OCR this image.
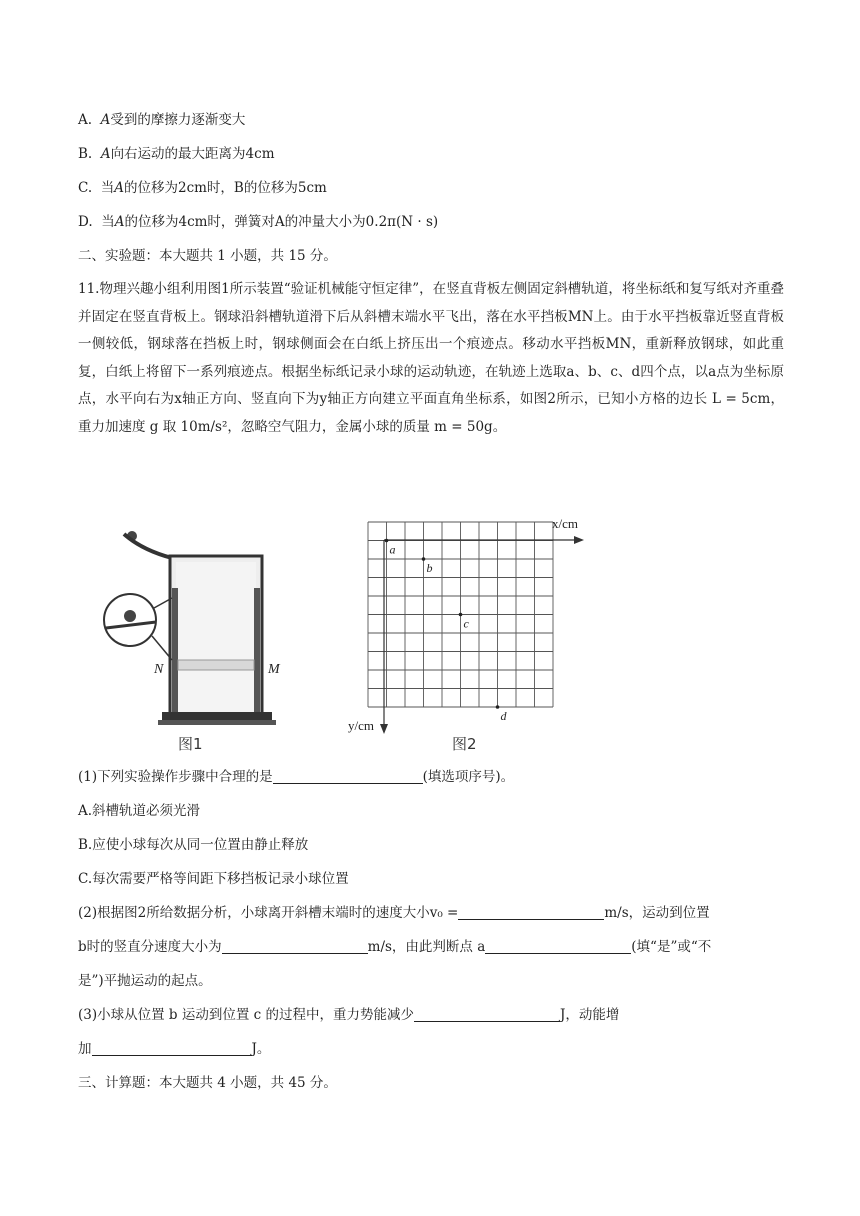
A. A受到的摩擦力逐渐变大
B. A向右运动的最大距离为4cm
C. 当A的位移为2cm时，B的位移为5cm
D. 当A的位移为4cm时，弹簧对A的冲量大小为0.2π(N · s)
二、实验题：本大题共 1 小题，共 15 分。
11.物理兴趣小组利用图1所示装置“验证机械能守恒定律”，在竖直背板左侧固定斜槽轨道，将坐标纸和复写纸对齐重叠并固定在竖直背板上。钢球沿斜槽轨道滑下后从斜槽末端水平飞出，落在水平挡板MN上。由于水平挡板靠近竖直背板一侧较低，钢球落在挡板上时，钢球侧面会在白纸上挤压出一个痕迹点。移动水平挡板MN，重新释放钢球，如此重复，白纸上将留下一系列痕迹点。根据坐标纸记录小球的运动轨迹，在轨迹上选取a、b、c、d四个点，以a点为坐标原点，水平向右为x轴正方向、竖直向下为y轴正方向建立平面直角坐标系，如图2所示，已知小方格的边长 L = 5cm，重力加速度 g 取 10m/s²，忽略空气阻力，金属小球的质量 m = 50g。
N	M
图1
x/cm
y/cm
a
b
c
d
图2
(1)下列实验操作步骤中合理的是	(填选项序号)。
A.斜槽轨道必须光滑
B.应使小球每次从同一位置由静止释放
C.每次需要严格等间距下移挡板记录小球位置
(2)根据图2所给数据分析，小球离开斜槽末端时的速度大小v₀ =	m/s，运动到位置
b时的竖直分速度大小为	m/s，由此判断点 a	(填“是”或“不
是”)平抛运动的起点。
(3)小球从位置 b 运动到位置 c 的过程中，重力势能减少	J，动能增
加	J。
三、计算题：本大题共 4 小题，共 45 分。
